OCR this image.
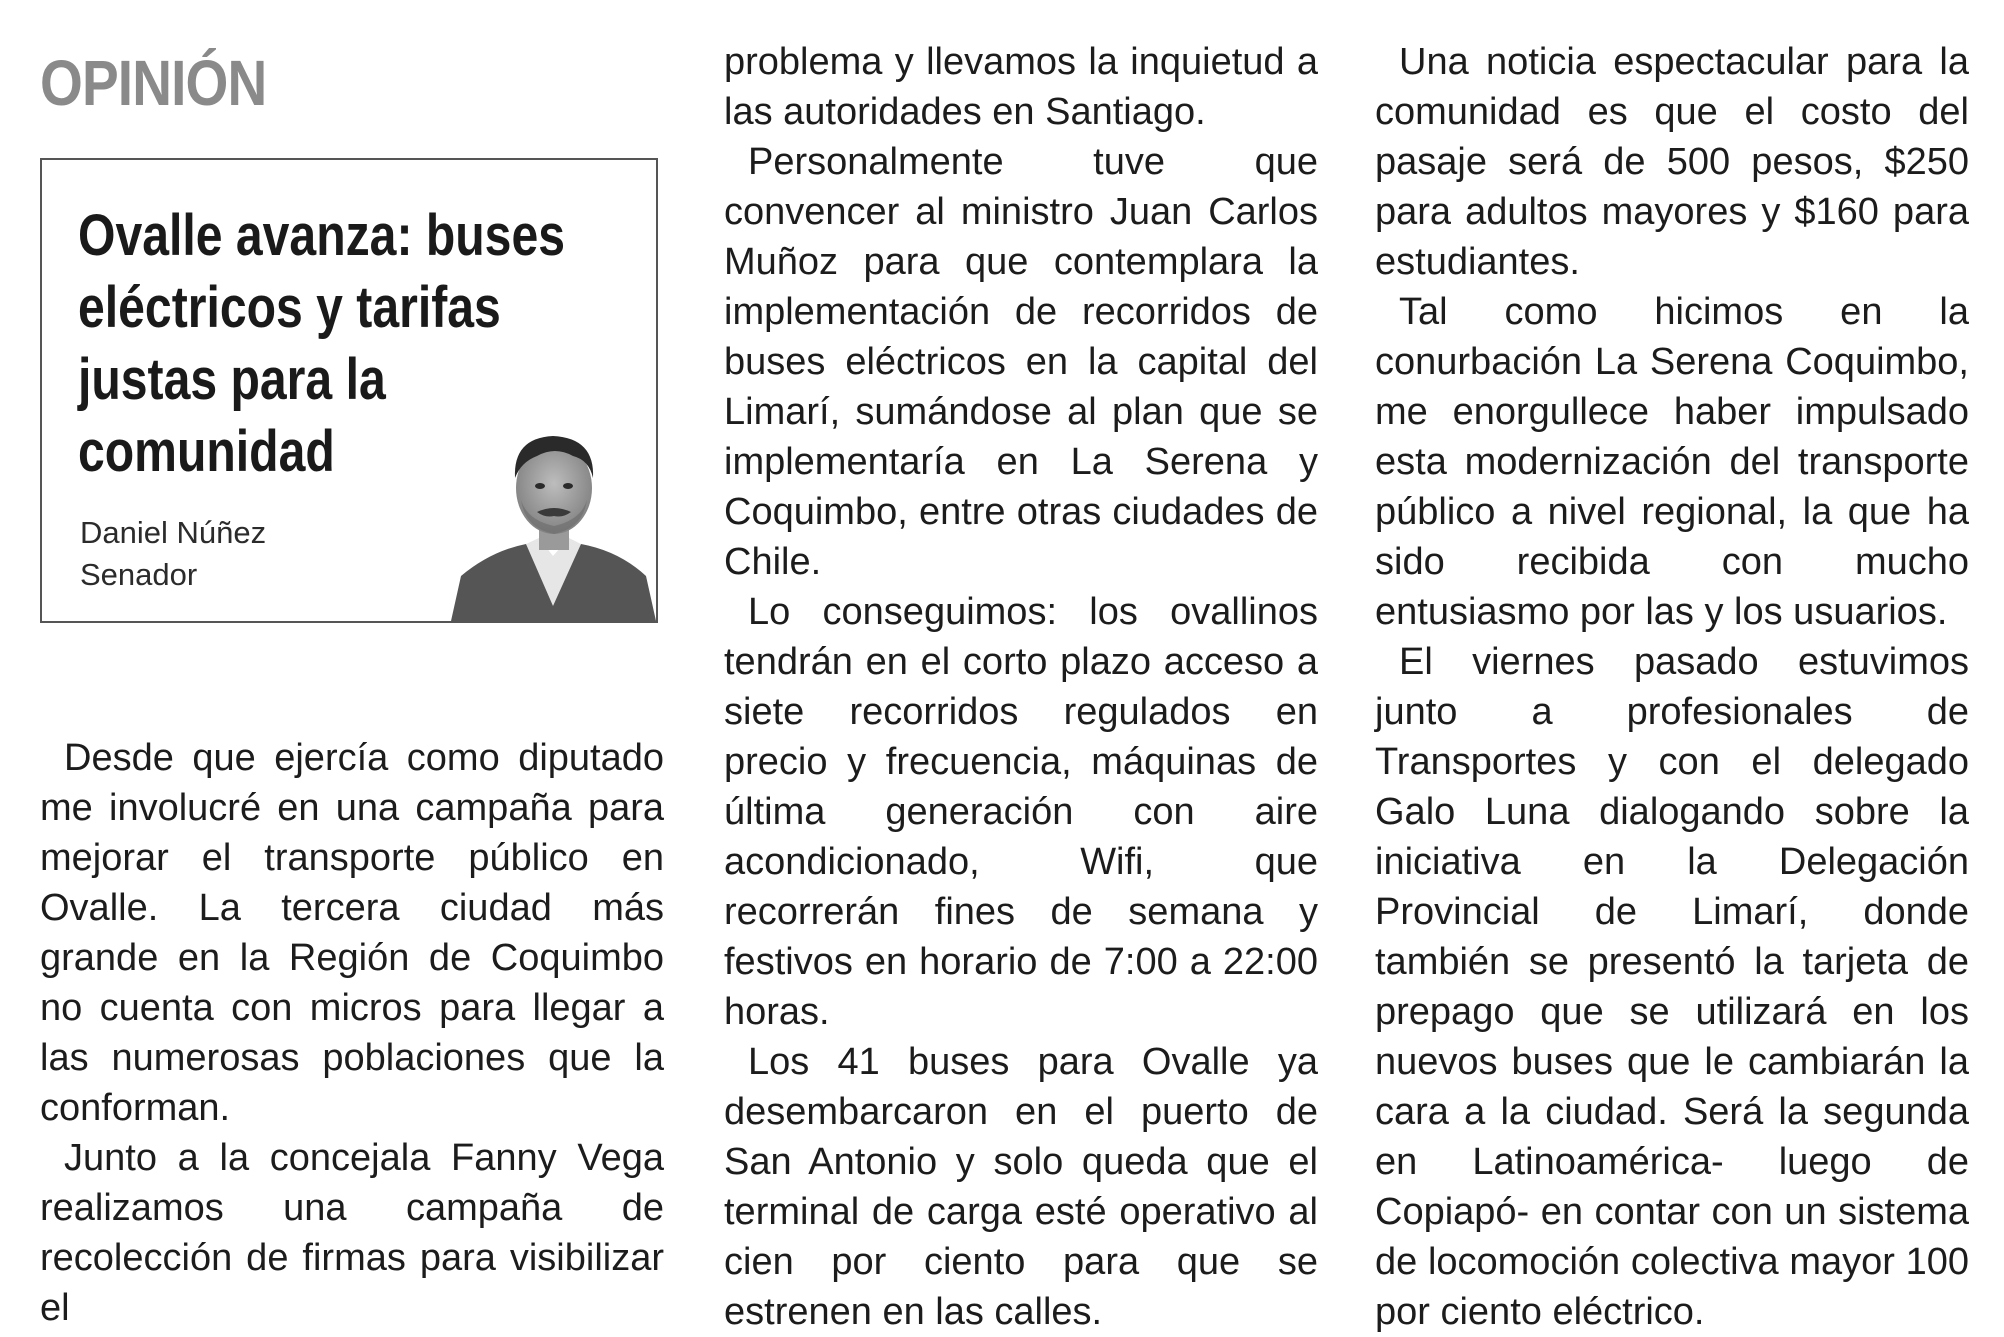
OPINIÓN
Ovalle avanza: buses eléctricos y tarifas justas para la comunidad
Daniel Núñez
Senador

Desde que ejercía como diputado me involucré en una campaña para mejorar el transporte público en Ovalle. La tercera ciudad más grande en la Región de Coquimbo no cuenta con micros para llegar a las numerosas poblaciones que la conforman.

Junto a la concejala Fanny Vega realizamos una campaña de recolección de firmas para visibilizar el

problema y llevamos la inquietud a las autoridades en Santiago.

Personalmente tuve que convencer al ministro Juan Carlos Muñoz para que contemplara la implementación de recorridos de buses eléctricos en la capital del Limarí, sumándose al plan que se implementaría en La Serena y Coquimbo, entre otras ciudades de Chile.

Lo conseguimos: los ovallinos tendrán en el corto plazo acceso a siete recorridos regulados en precio y frecuencia, máquinas de última generación con aire acondicionado, Wifi, que recorrerán fines de semana y festivos en horario de 7:00 a 22:00 horas.

Los 41 buses para Ovalle ya desembarcaron en el puerto de San Antonio y solo queda que el terminal de carga esté operativo al cien por ciento para que se estrenen en las calles.

Una noticia espectacular para la comunidad es que el costo del pasaje será de 500 pesos, $250 para adultos mayores y $160 para estudiantes.

Tal como hicimos en la conurbación La Serena Coquimbo, me enorgullece haber impulsado esta modernización del transporte público a nivel regional, la que ha sido recibida con mucho entusiasmo por las y los usuarios.

El viernes pasado estuvimos junto a profesionales de Transportes y con el delegado Galo Luna dialogando sobre la iniciativa en la Delegación Provincial de Limarí, donde también se presentó la tarjeta de prepago que se utilizará en los nuevos buses que le cambiarán la cara a la ciudad. Será la segunda en Latinoamérica- luego de Copiapó- en contar con un sistema de locomoción colectiva mayor 100 por ciento eléctrico.
